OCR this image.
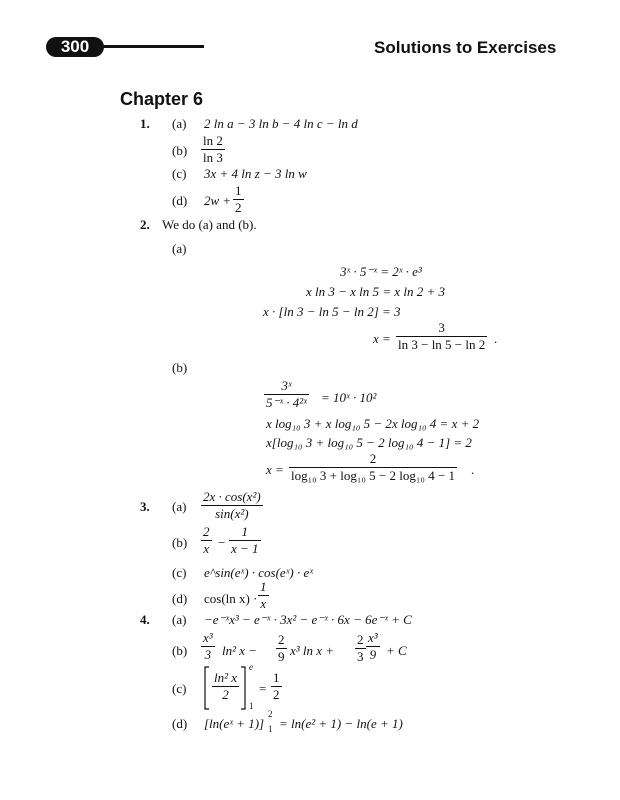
300	Solutions to Exercises
Chapter 6
1. (a) 2 ln a − 3 ln b − 4 ln c − ln d
$(b) \frac{\ln 2}{\ln 3}$
(c) 3x + 4 ln z − 3 ln w
(d) $2w + \frac{1}{2}$
2. We do (a) and (b).
(a)
3ˣ · 5⁻ˣ = 2ˣ · e³
x ln 3 − x ln 5 = x ln 2 + 3
x · [ln 3 − ln 5 − ln 2] = 3
$x = \frac{3}{\ln 3 - \ln 5 - \ln 2}$ .
(b)
$\frac{\text{3ˣ}}{\text{5⁻ˣ · 4²ˣ}}$ = 10ˣ · 10²
x log₁₀ 3 + x log₁₀ 5 − 2x log₁₀ 4 = x + 2
x[log₁₀ 3 + log₁₀ 5 − 2 log₁₀ 4 − 1] = 2
$x = \frac{2}{\text{log₁₀ 3 + log₁₀ 5 − 2 log₁₀ 4 − 1}}$ .
3. $(a) \frac{\text{2x · cos(x²)}}{\text{sin(x²)}}$
$(b) \frac{2}{x} - \frac{1}{x - 1}$
(c) e^sin(eˣ) · cos(eˣ) · eˣ
(d) cos(ln $x) \cdot \frac{1}{x}$
4. (a) −e⁻ˣx³ − e⁻ˣ · 3x² − e⁻ˣ · 6x − 6e⁻ˣ + C
$(b) \frac{\text{x³}}{3} \ln^2$ $x - \frac{2}{9} x^3$ $\ln x + \frac{2}{3} \frac{\text{x³}}{9} + C$
$(c) \frac{\text{ln² x}}{2}$
e
1
= $\frac{1}{2}$
(d) [ln(eˣ + 1)]
2
1 = ln(e² + 1) − ln(e + 1)
